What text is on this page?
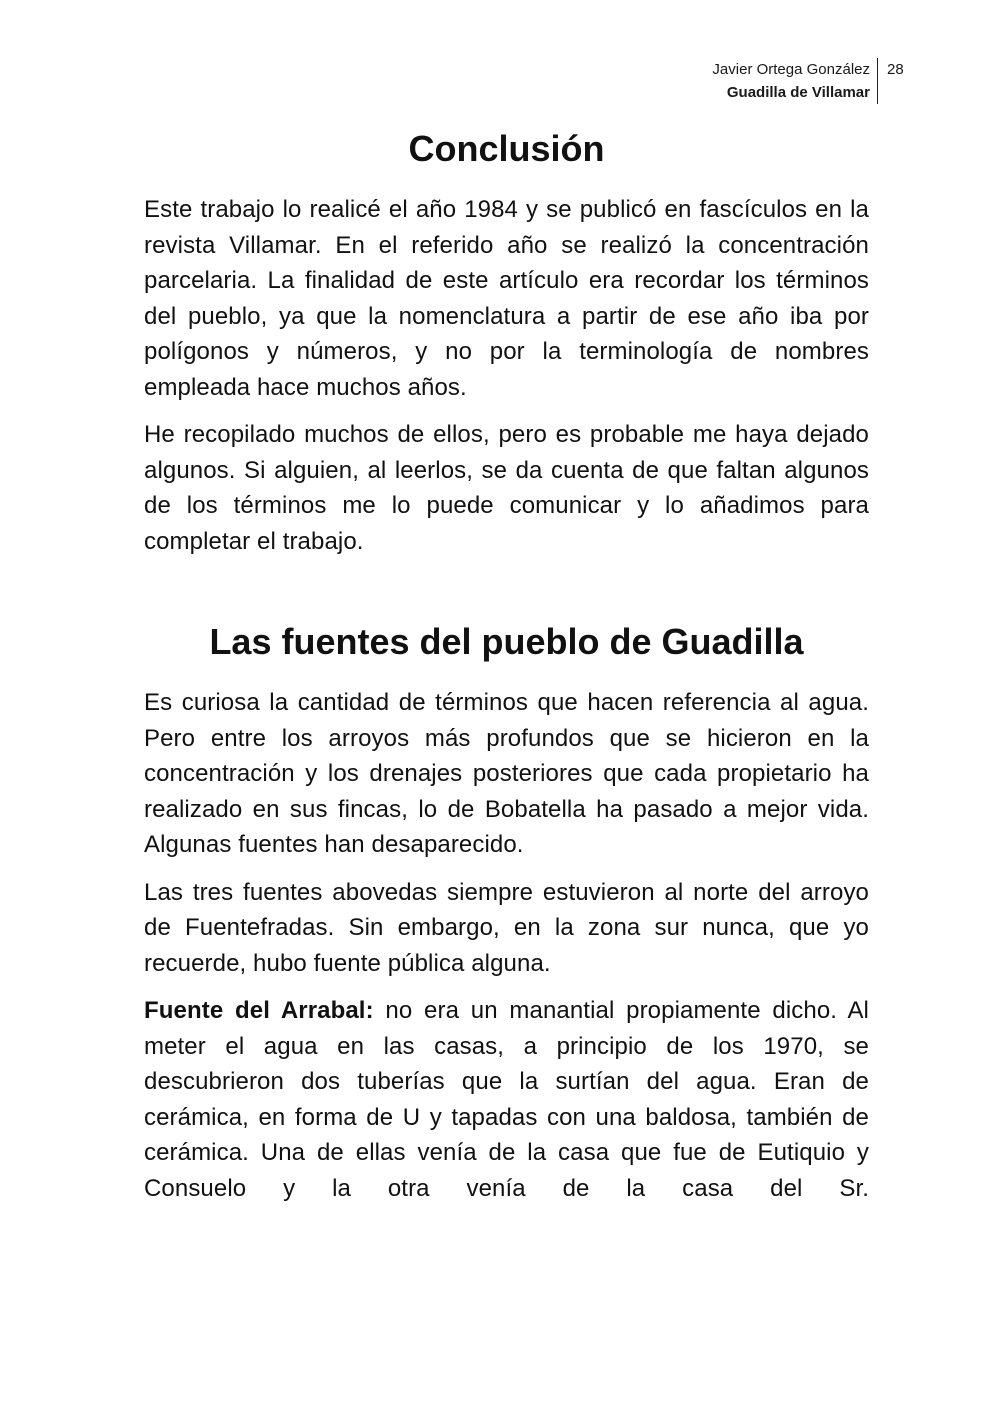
Javier Ortega González
Guadilla de Villamar
28
Conclusión

Este trabajo lo realicé el año 1984 y se publicó en fascículos en la revista Villamar. En el referido año se realizó la concentración parcelaria. La finalidad de este artículo era recordar los términos del pueblo, ya que la nomenclatura a partir de ese año iba por polígonos y números, y no por la terminología de nombres empleada hace muchos años.

He recopilado muchos de ellos, pero es probable me haya dejado algunos. Si alguien, al leerlos, se da cuenta de que faltan algunos de los términos me lo puede comunicar y lo añadimos para completar el trabajo.

Las fuentes del pueblo de Guadilla

Es curiosa la cantidad de términos que hacen referencia al agua. Pero entre los arroyos más profundos que se hicieron en la concentración y los drenajes posteriores que cada propietario ha realizado en sus fincas, lo de Bobatella ha pasado a mejor vida. Algunas fuentes han desaparecido.

Las tres fuentes abovedas siempre estuvieron al norte del arroyo de Fuentefradas. Sin embargo, en la zona sur nunca, que yo recuerde, hubo fuente pública alguna.

Fuente del Arrabal: no era un manantial propiamente dicho. Al meter el agua en las casas, a principio de los 1970, se descubrieron dos tuberías que la surtían del agua. Eran de cerámica, en forma de U y tapadas con una baldosa, también de cerámica. Una de ellas venía de la casa que fue de Eutiquio y Consuelo y la otra venía de la casa del Sr.
